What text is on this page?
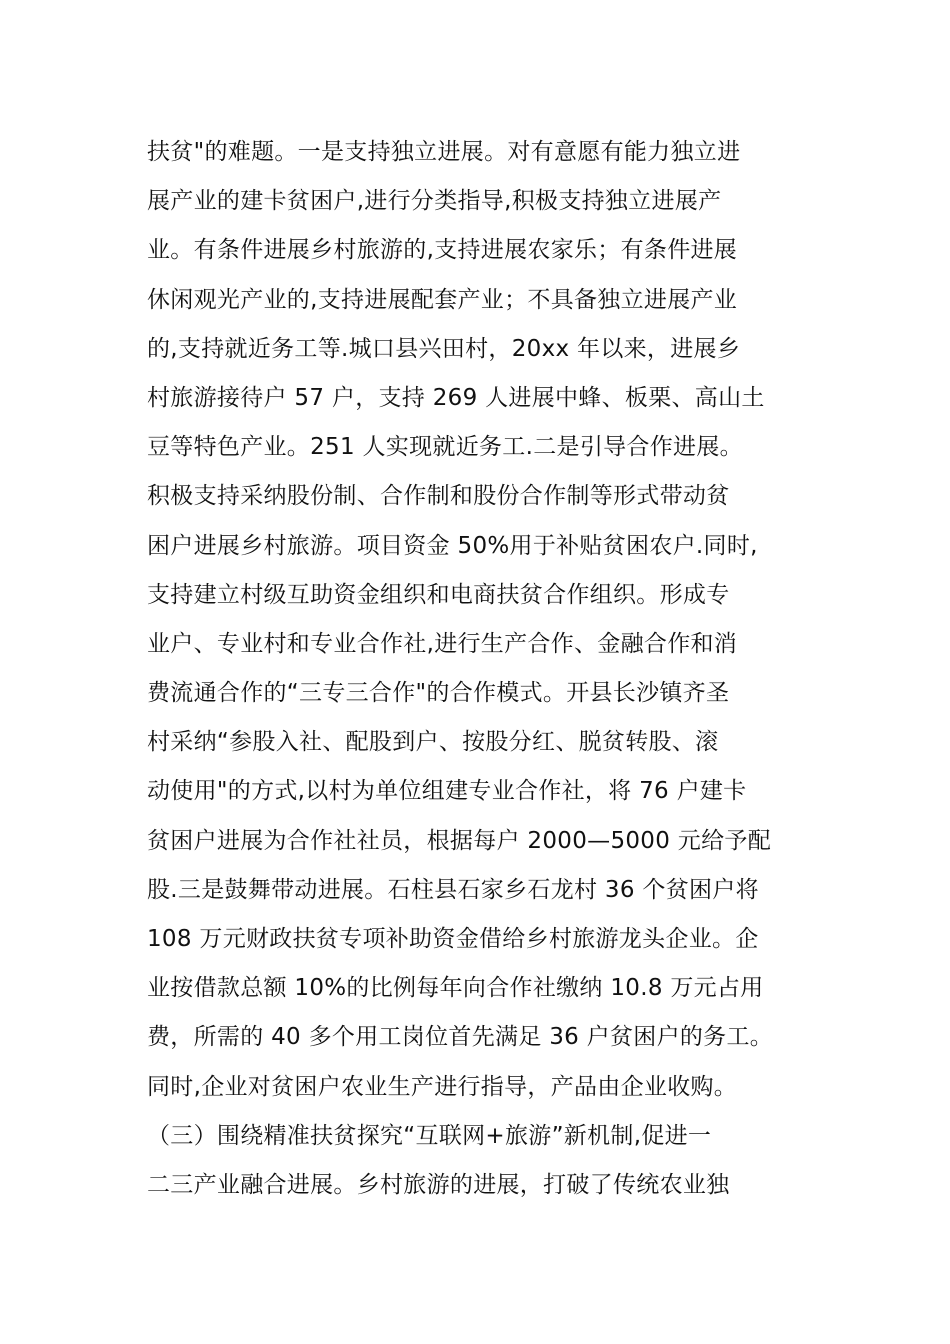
扶贫"的难题。一是支持独立进展。对有意愿有能力独立进
展产业的建卡贫困户,进行分类指导,积极支持独立进展产
业。有条件进展乡村旅游的,支持进展农家乐；有条件进展
休闲观光产业的,支持进展配套产业；不具备独立进展产业
的,支持就近务工等.城口县兴田村，20xx 年以来，进展乡
村旅游接待户 57 户，支持 269 人进展中蜂、板栗、高山土
豆等特色产业。251 人实现就近务工.二是引导合作进展。
积极支持采纳股份制、合作制和股份合作制等形式带动贫
困户进展乡村旅游。项目资金 50%用于补贴贫困农户.同时,
支持建立村级互助资金组织和电商扶贫合作组织。形成专
业户、专业村和专业合作社,进行生产合作、金融合作和消
费流通合作的“三专三合作"的合作模式。开县长沙镇齐圣
村采纳“参股入社、配股到户、按股分红、脱贫转股、滚
动使用"的方式,以村为单位组建专业合作社，将 76 户建卡
贫困户进展为合作社社员，根据每户 2000—5000 元给予配
股.三是鼓舞带动进展。石柱县石家乡石龙村 36 个贫困户将
108 万元财政扶贫专项补助资金借给乡村旅游龙头企业。企
业按借款总额 10%的比例每年向合作社缴纳 10.8 万元占用
费，所需的 40 多个用工岗位首先满足 36 户贫困户的务工。
同时,企业对贫困户农业生产进行指导，产品由企业收购。
（三）围绕精准扶贫探究“互联网+旅游”新机制,促进一
二三产业融合进展。乡村旅游的进展，打破了传统农业独
